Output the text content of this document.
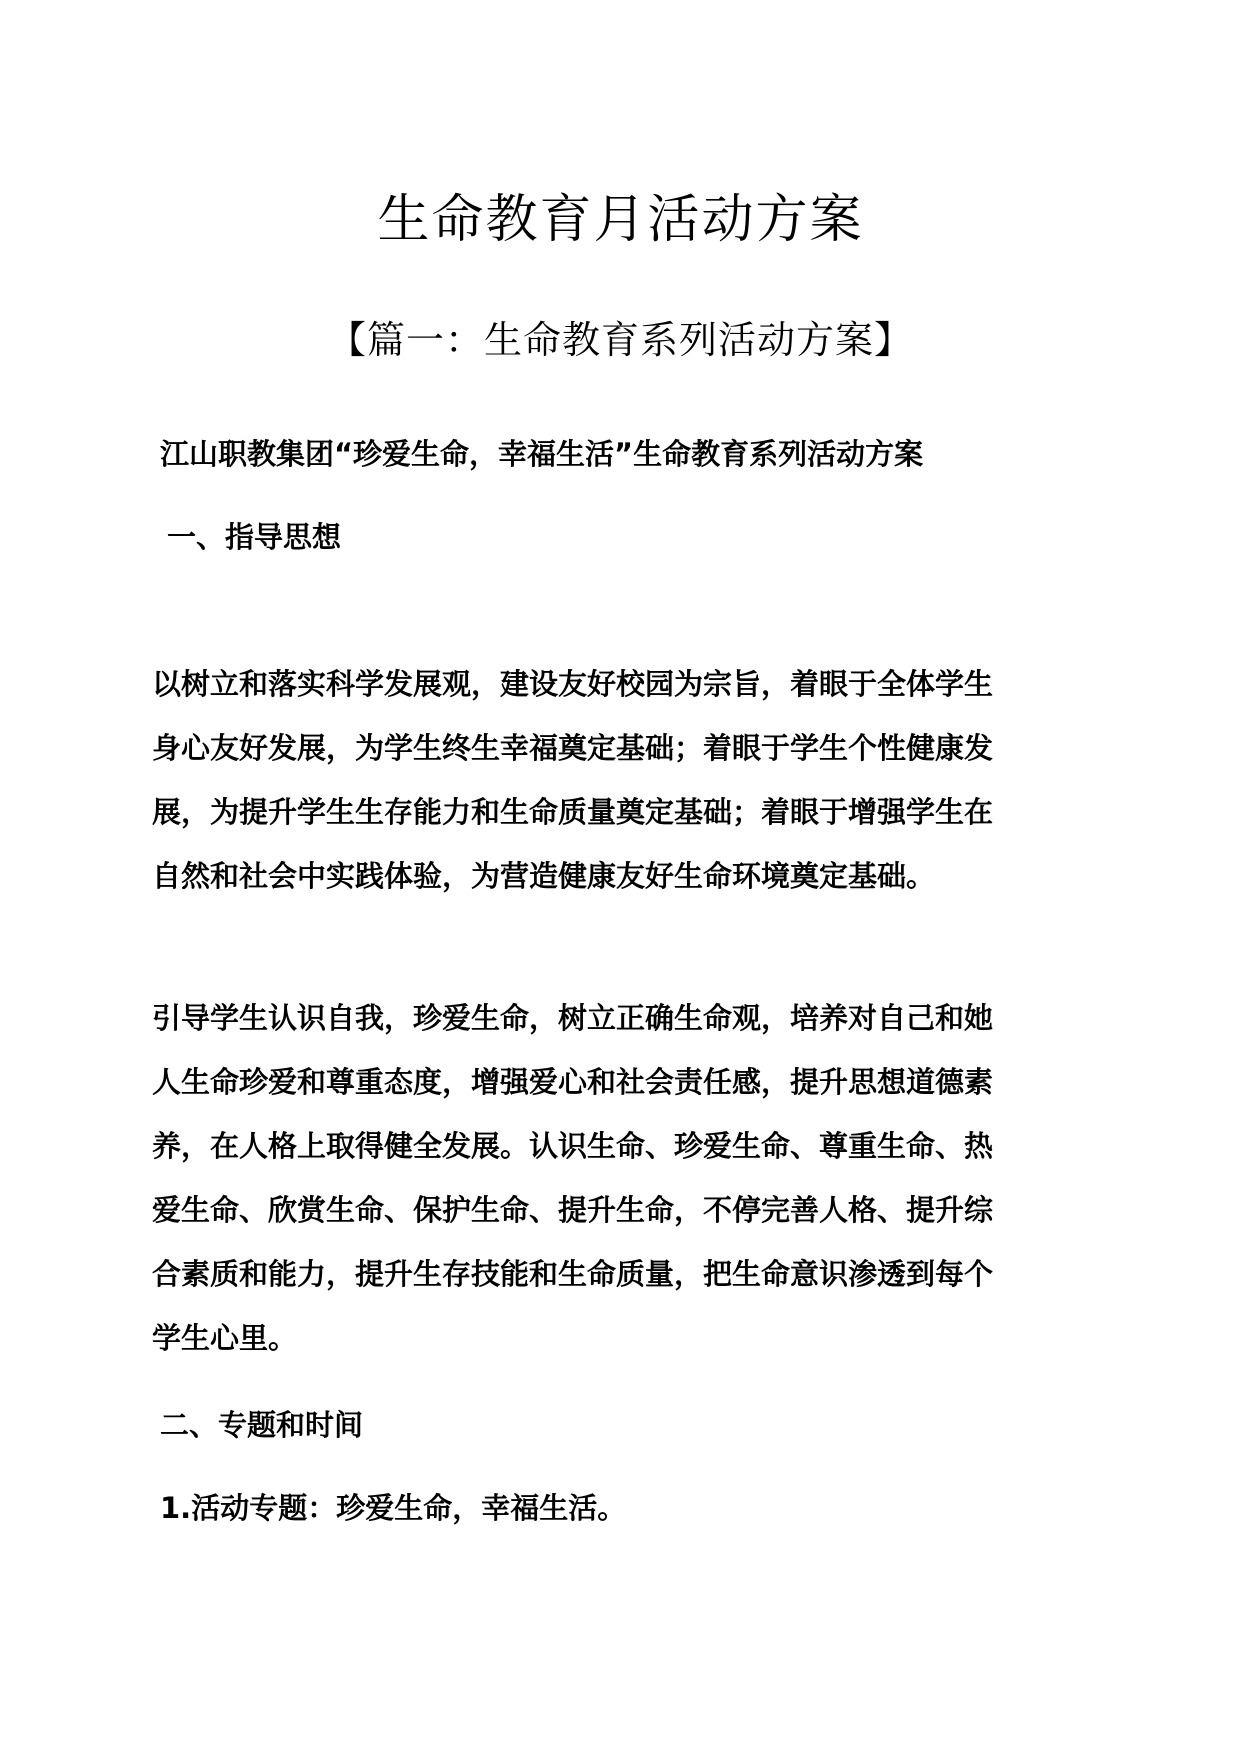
生命教育月活动方案
【篇一：生命教育系列活动方案】
江山职教集团“珍爱生命，幸福生活”生命教育系列活动方案
一、指导思想
以树立和落实科学发展观，建设友好校园为宗旨，着眼于全体学生
身心友好发展，为学生终生幸福奠定基础；着眼于学生个性健康发
展，为提升学生生存能力和生命质量奠定基础；着眼于增强学生在
自然和社会中实践体验，为营造健康友好生命环境奠定基础。
引导学生认识自我，珍爱生命，树立正确生命观，培养对自己和她
人生命珍爱和尊重态度，增强爱心和社会责任感，提升思想道德素
养，在人格上取得健全发展。认识生命、珍爱生命、尊重生命、热
爱生命、欣赏生命、保护生命、提升生命，不停完善人格、提升综
合素质和能力，提升生存技能和生命质量，把生命意识渗透到每个
学生心里。
二、专题和时间
1.活动专题：珍爱生命，幸福生活。
